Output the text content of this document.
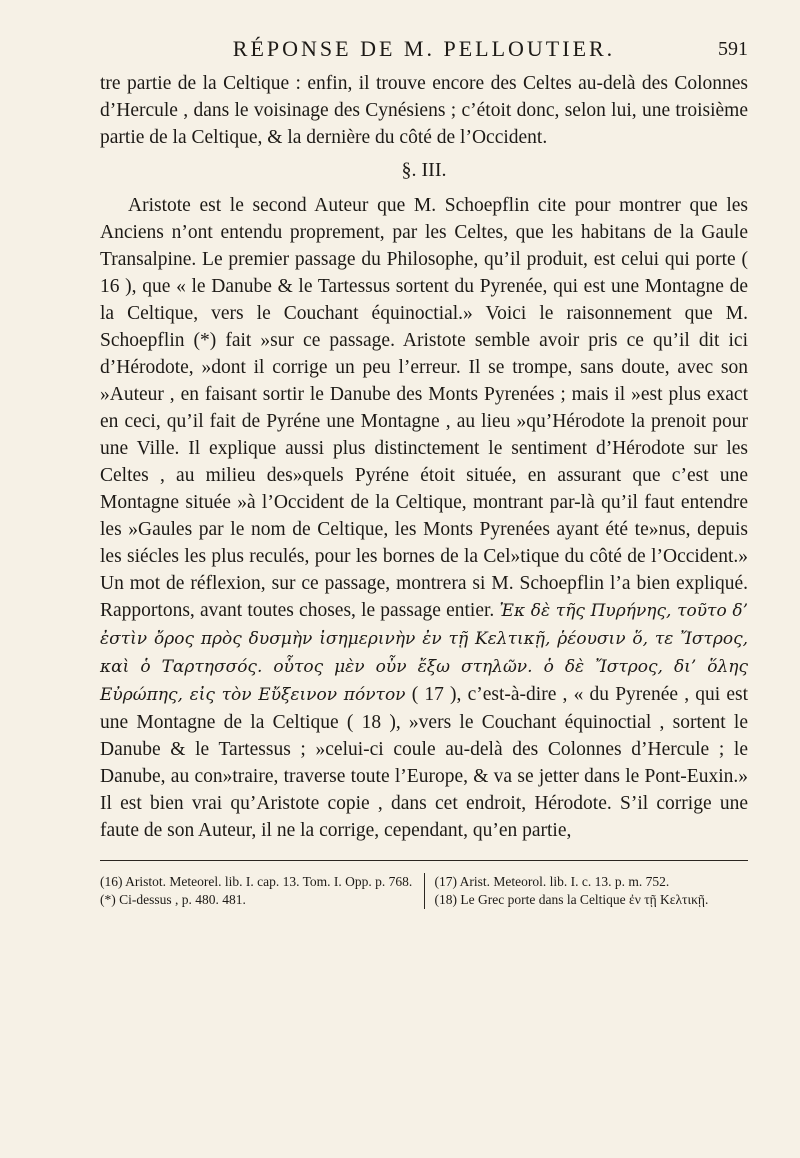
RÉPONSE DE M. PELLOUTIER.	591

tre partie de la Celtique : enfin, il trouve encore des Celtes au-delà des Colonnes d’Hercule , dans le voisinage des Cynésiens ; c’étoit donc, selon lui, une troisième partie de la Celtique, & la dernière du côté de l’Occident.

§. III.

Aristote est le second Auteur que M. Schoepflin cite pour montrer que les Anciens n’ont entendu proprement, par les Celtes, que les habitans de la Gaule Transalpine. Le premier passage du Philosophe, qu’il produit, est celui qui porte ( 16 ), que « le Danube & le Tartessus sortent du Pyrenée, qui est une Montagne de la Celtique, vers le Couchant équinoctial.» Voici le raisonnement que M. Schoepflin (*) fait »sur ce passage. Aristote semble avoir pris ce qu’il dit ici d’Hérodote, »dont il corrige un peu l’erreur. Il se trompe, sans doute, avec son »Auteur , en faisant sortir le Danube des Monts Pyrenées ; mais il »est plus exact en ceci, qu’il fait de Pyréne une Montagne , au lieu »qu’Hérodote la prenoit pour une Ville. Il explique aussi plus distinctement le sentiment d’Hérodote sur les Celtes , au milieu des»quels Pyréne étoit située, en assurant que c’est une Montagne située »à l’Occident de la Celtique, montrant par-là qu’il faut entendre les »Gaules par le nom de Celtique, les Monts Pyrenées ayant été te»nus, depuis les siécles les plus reculés, pour les bornes de la Cel»tique du côté de l’Occident.» Un mot de réflexion, sur ce passage, montrera si M. Schoepflin l’a bien expliqué. Rapportons, avant toutes choses, le passage entier. Ἐκ δὲ τῆς Πυρήνης, τοῦτο δ’ ἐστὶν ὄρος πρὸς δυσμὴν ἰσημερινὴν ἐν τῇ Κελτικῇ, ῥέουσιν ὅ, τε Ἴστρος, καὶ ὁ Ταρτησσός. οὗτος μὲν οὖν ἔξω στηλῶν. ὁ δὲ Ἴστρος, δι’ ὅλης Εὐρώπης, εἰς τὸν Εὔξεινον πόντον ( 17 ), c’est-à-dire , « du Pyrenée , qui est une Montagne de la Celtique ( 18 ), »vers le Couchant équinoctial , sortent le Danube & le Tartessus ; »celui-ci coule au-delà des Colonnes d’Hercule ; le Danube, au con»traire, traverse toute l’Europe, & va se jetter dans le Pont-Euxin.» Il est bien vrai qu’Aristote copie , dans cet endroit, Hérodote. S’il corrige une faute de son Auteur, il ne la corrige, cependant, qu’en partie,

(16) Aristot. Meteorel. lib. I. cap. 13. Tom. I. Opp. p. 768.
(*) Ci-dessus , p. 480. 481.
(17) Arist. Meteorol. lib. I. c. 13. p. m. 752.
(18) Le Grec porte dans la Celtique ἐν τῇ Κελτικῇ.
